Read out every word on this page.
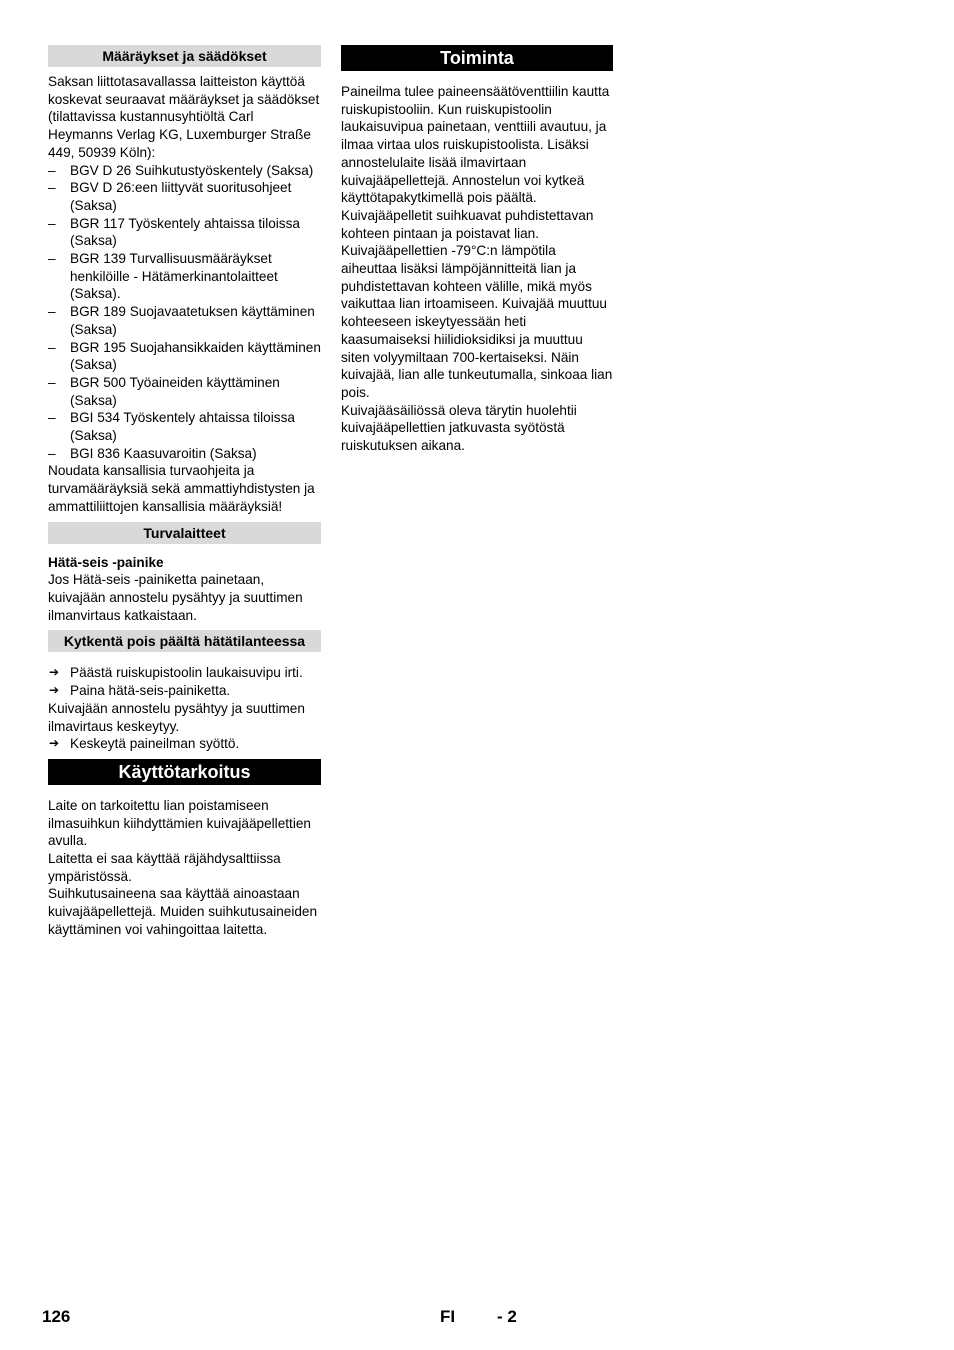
Määräykset ja säädökset

Saksan liittotasavallassa laitteiston käyttöä koskevat seuraavat määräykset ja säädökset (tilattavissa kustannusyhtiöltä Carl Heymanns Verlag KG, Luxemburger Straße 449, 50939 Köln):

– BGV D 26 Suihkutustyöskentely (Saksa)
– BGV D 26:een liittyvät suoritusohjeet (Saksa)
– BGR 117 Työskentely ahtaissa tiloissa (Saksa)
– BGR 139 Turvallisuusmääräykset henkilöille - Hätämerkinantolaitteet (Saksa).
– BGR 189 Suojavaatetuksen käyttäminen (Saksa)
– BGR 195 Suojahansikkaiden käyttäminen (Saksa)
– BGR 500 Työaineiden käyttäminen (Saksa)
– BGI 534 Työskentely ahtaissa tiloissa (Saksa)
– BGI 836 Kaasuvaroitin (Saksa)

Noudata kansallisia turvaohjeita ja turvamääräyksiä sekä ammattiyhdistysten ja ammattiliittojen kansallisia määräyksiä!

Turvalaitteet

Hätä-seis -painike

Jos Hätä-seis -painiketta painetaan, kuivajään annostelu pysähtyy ja suuttimen ilmanvirtaus katkaistaan.

Kytkentä pois päältä hätätilanteessa
➔ Päästä ruiskupistoolin laukaisuvipu irti.
➔ Paina hätä-seis-painiketta.

Kuivajään annostelu pysähtyy ja suuttimen ilmavirtaus keskeytyy.

➔ Keskeytä paineilman syöttö.
Käyttötarkoitus

Laite on tarkoitettu lian poistamiseen ilmasuihkun kiihdyttämien kuivajääpellettien avulla.

Laitetta ei saa käyttää räjähdysalttiissa ympäristössä.

Suihkutusaineena saa käyttää ainoastaan kuivajääpellettejä. Muiden suihkutusaineiden käyttäminen voi vahingoittaa laitetta.

Toiminta

Paineilma tulee paineensäätöventtiilin kautta ruiskupistooliin. Kun ruiskupistoolin laukaisuvipua painetaan, venttiili avautuu, ja ilmaa virtaa ulos ruiskupistoolista. Lisäksi annostelulaite lisää ilmavirtaan kuivajääpellettejä. Annostelun voi kytkeä käyttötapakytkimellä pois päältä. Kuivajääpelletit suihkuavat puhdistettavan kohteen pintaan ja poistavat lian. Kuivajääpellettien -79°C:n lämpötila aiheuttaa lisäksi lämpöjännitteitä lian ja puhdistettavan kohteen välille, mikä myös vaikuttaa lian irtoamiseen. Kuivajää muuttuu kohteeseen iskeytyessään heti kaasumaiseksi hiilidioksidiksi ja muuttuu siten volyymiltaan 700-kertaiseksi. Näin kuivajää, lian alle tunkeutumalla, sinkoaa lian pois.

Kuivajääsäiliössä oleva tärytin huolehtii kuivajääpellettien jatkuvasta syötöstä ruiskutuksen aikana.

126	FI - 2
